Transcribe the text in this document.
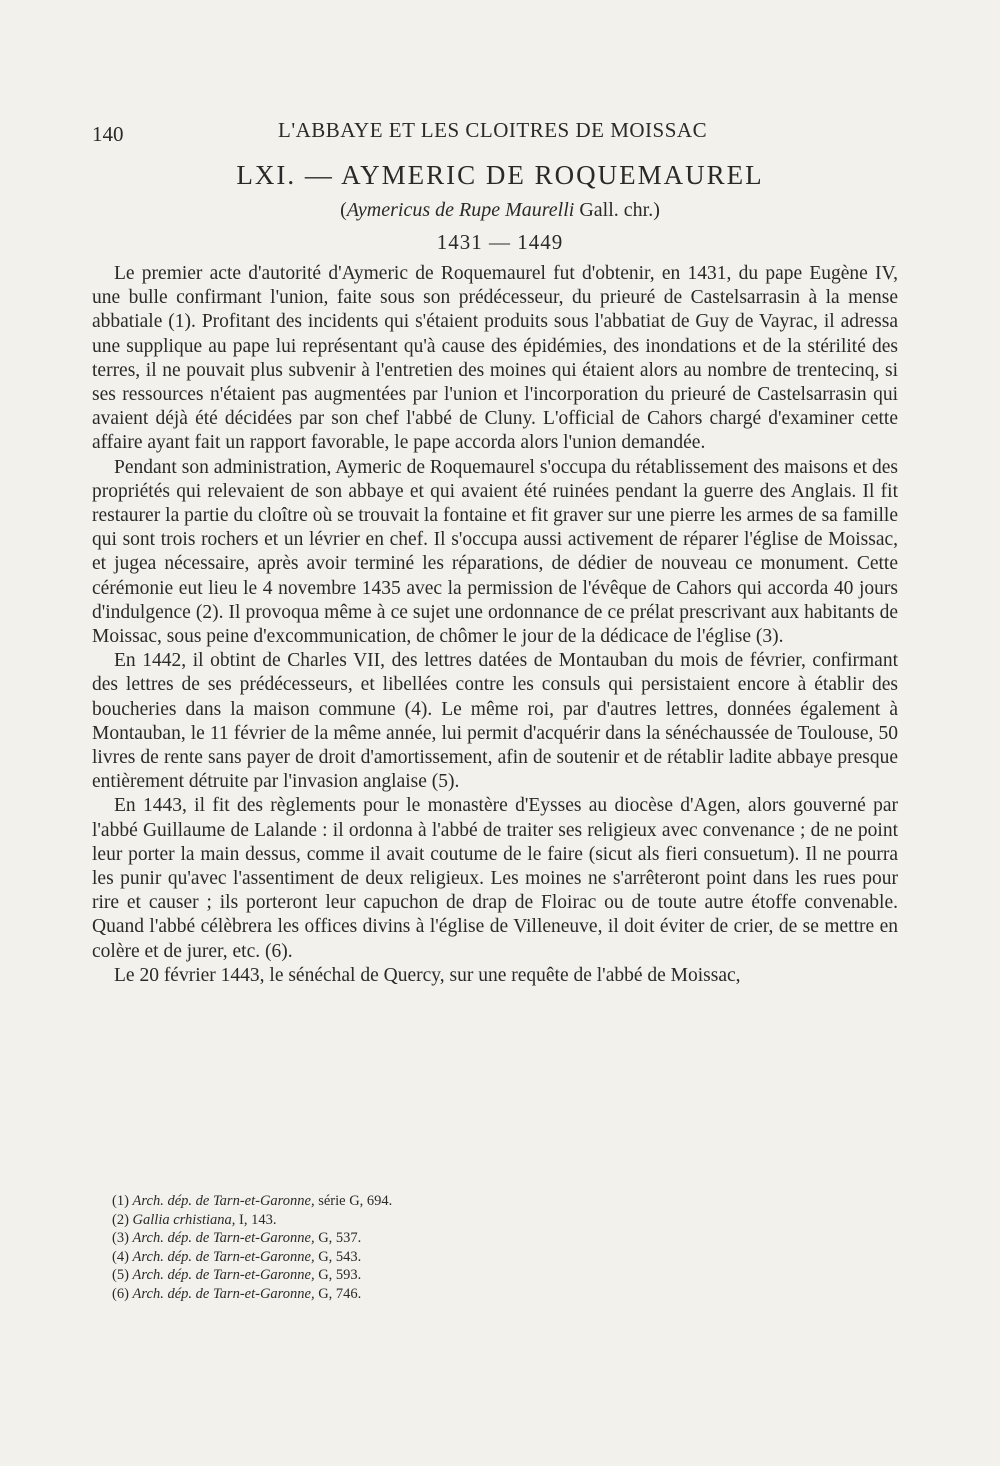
140	L'ABBAYE ET LES CLOITRES DE MOISSAC
LXI. — AYMERIC DE ROQUEMAUREL
(Aymericus de Rupe Maurelli Gall. chr.)
1431 — 1449

Le premier acte d'autorité d'Aymeric de Roquemaurel fut d'obtenir, en 1431, du pape Eugène IV, une bulle confirmant l'union, faite sous son prédécesseur, du prieuré de Castelsarrasin à la mense abbatiale (1). Profitant des incidents qui s'étaient produits sous l'abbatiat de Guy de Vayrac, il adressa une supplique au pape lui représentant qu'à cause des épidémies, des inondations et de la stérilité des terres, il ne pouvait plus subvenir à l'entretien des moines qui étaient alors au nombre de trentecinq, si ses ressources n'étaient pas augmentées par l'union et l'incorporation du prieuré de Castelsarrasin qui avaient déjà été décidées par son chef l'abbé de Cluny. L'official de Cahors chargé d'examiner cette affaire ayant fait un rapport favorable, le pape accorda alors l'union demandée.

Pendant son administration, Aymeric de Roquemaurel s'occupa du rétablissement des maisons et des propriétés qui relevaient de son abbaye et qui avaient été ruinées pendant la guerre des Anglais. Il fit restaurer la partie du cloître où se trouvait la fontaine et fit graver sur une pierre les armes de sa famille qui sont trois rochers et un lévrier en chef. Il s'occupa aussi activement de réparer l'église de Moissac, et jugea nécessaire, après avoir terminé les réparations, de dédier de nouveau ce monument. Cette cérémonie eut lieu le 4 novembre 1435 avec la permission de l'évêque de Cahors qui accorda 40 jours d'indulgence (2). Il provoqua même à ce sujet une ordonnance de ce prélat prescrivant aux habitants de Moissac, sous peine d'excommunication, de chômer le jour de la dédicace de l'église (3).

En 1442, il obtint de Charles VII, des lettres datées de Montauban du mois de février, confirmant des lettres de ses prédécesseurs, et libellées contre les consuls qui persistaient encore à établir des boucheries dans la maison commune (4). Le même roi, par d'autres lettres, données également à Montauban, le 11 février de la même année, lui permit d'acquérir dans la sénéchaussée de Toulouse, 50 livres de rente sans payer de droit d'amortissement, afin de soutenir et de rétablir ladite abbaye presque entièrement détruite par l'invasion anglaise (5).

En 1443, il fit des règlements pour le monastère d'Eysses au diocèse d'Agen, alors gouverné par l'abbé Guillaume de Lalande : il ordonna à l'abbé de traiter ses religieux avec convenance ; de ne point leur porter la main dessus, comme il avait coutume de le faire (sicut als fieri consuetum). Il ne pourra les punir qu'avec l'assentiment de deux religieux. Les moines ne s'arrêteront point dans les rues pour rire et causer ; ils porteront leur capuchon de drap de Floirac ou de toute autre étoffe convenable. Quand l'abbé célèbrera les offices divins à l'église de Villeneuve, il doit éviter de crier, de se mettre en colère et de jurer, etc. (6).

Le 20 février 1443, le sénéchal de Quercy, sur une requête de l'abbé de Moissac,

(1) Arch. dép. de Tarn-et-Garonne, série G, 694.

(2) Gallia crhistiana, I, 143.

(3) Arch. dép. de Tarn-et-Garonne, G, 537.

(4) Arch. dép. de Tarn-et-Garonne, G, 543.

(5) Arch. dép. de Tarn-et-Garonne, G, 593.

(6) Arch. dép. de Tarn-et-Garonne, G, 746.
